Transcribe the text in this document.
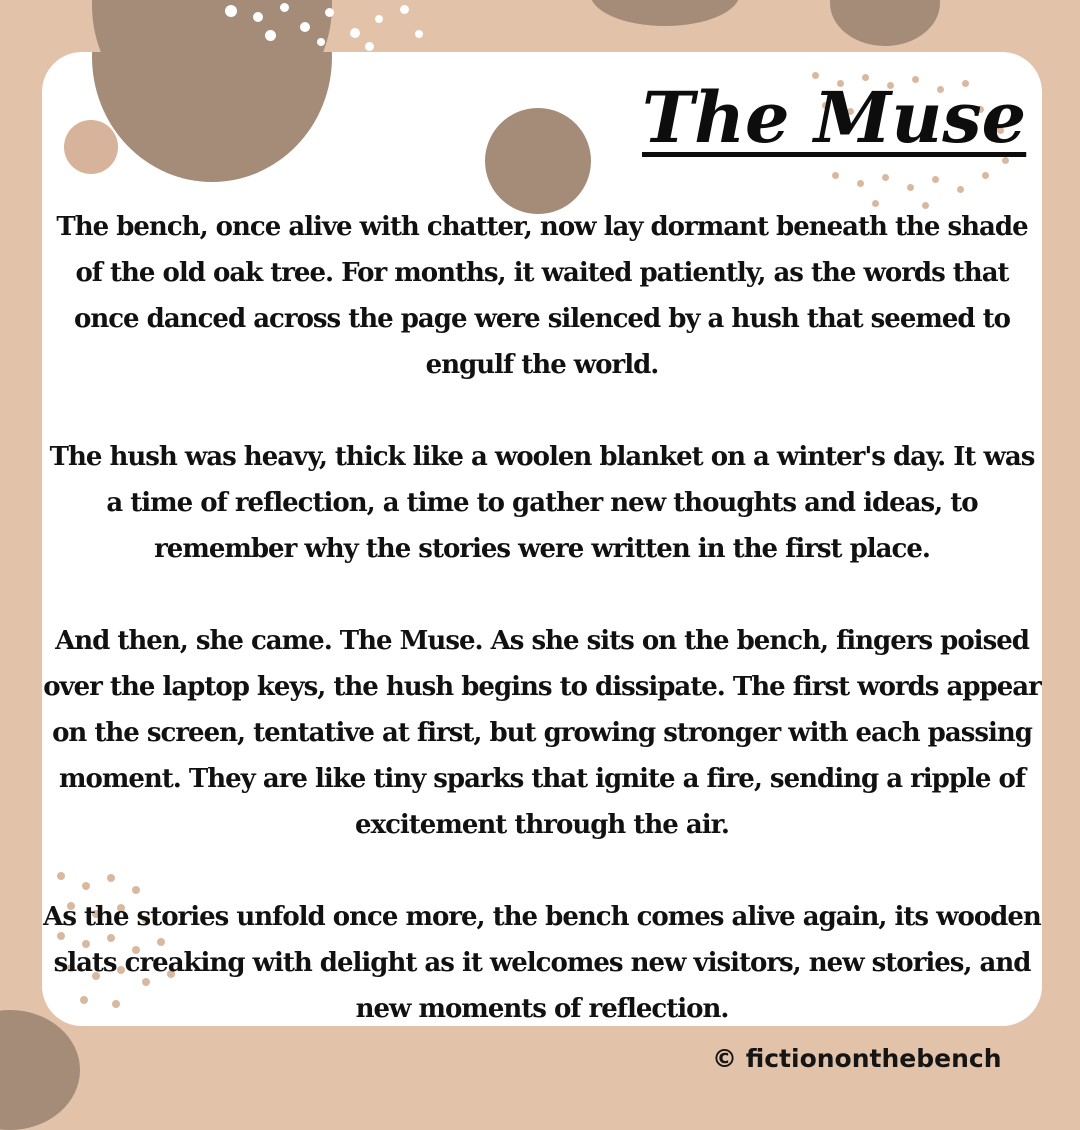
The Muse

The bench, once alive with chatter, now lay dormant beneath the shade of the old oak tree. For months, it waited patiently, as the words that once danced across the page were silenced by a hush that seemed to engulf the world.

The hush was heavy, thick like a woolen blanket on a winter's day. It was a time of reflection, a time to gather new thoughts and ideas, to remember why the stories were written in the first place.

And then, she came. The Muse. As she sits on the bench, fingers poised over the laptop keys, the hush begins to dissipate. The first words appear on the screen, tentative at first, but growing stronger with each passing moment. They are like tiny sparks that ignite a fire, sending a ripple of excitement through the air.

As the stories unfold once more, the bench comes alive again, its wooden slats creaking with delight as it welcomes new visitors, new stories, and new moments of reflection.

© fictiononthebench
